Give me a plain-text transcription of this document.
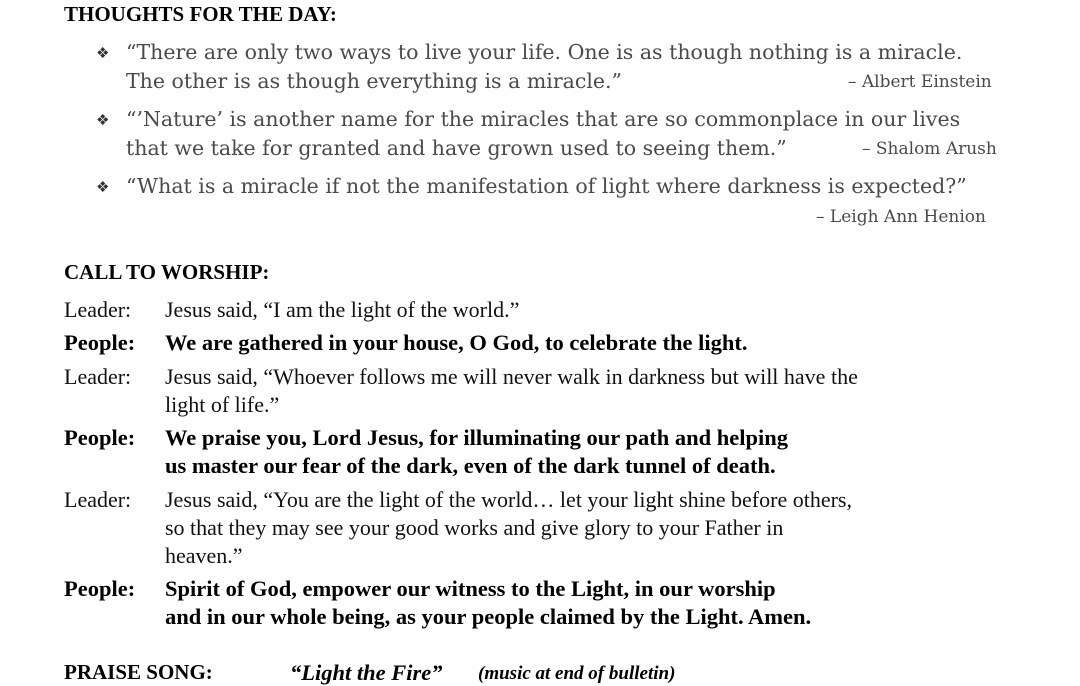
THOUGHTS FOR THE DAY:
❖ “There are only two ways to live your life. One is as though nothing is a miracle.
The other is as though everything is a miracle.”	– Albert Einstein
❖ “’Nature’ is another name for the miracles that are so commonplace in our lives
that we take for granted and have grown used to seeing them.”	– Shalom Arush
❖ “What is a miracle if not the manifestation of light where darkness is expected?”
– Leigh Ann Henion
CALL TO WORSHIP:
Leader: Jesus said, “I am the light of the world.”
People: We are gathered in your house, O God, to celebrate the light.
Leader: Jesus said, “Whoever follows me will never walk in darkness but will have the
light of life.”
People: We praise you, Lord Jesus, for illuminating our path and helping
us master our fear of the dark, even of the dark tunnel of death.
Leader: Jesus said, “You are the light of the world… let your light shine before others,
so that they may see your good works and give glory to your Father in
heaven.”
People: Spirit of God, empower our witness to the Light, in our worship
and in our whole being, as your people claimed by the Light. Amen.
PRAISE SONG:	“Light the Fire” (music at end of bulletin)
